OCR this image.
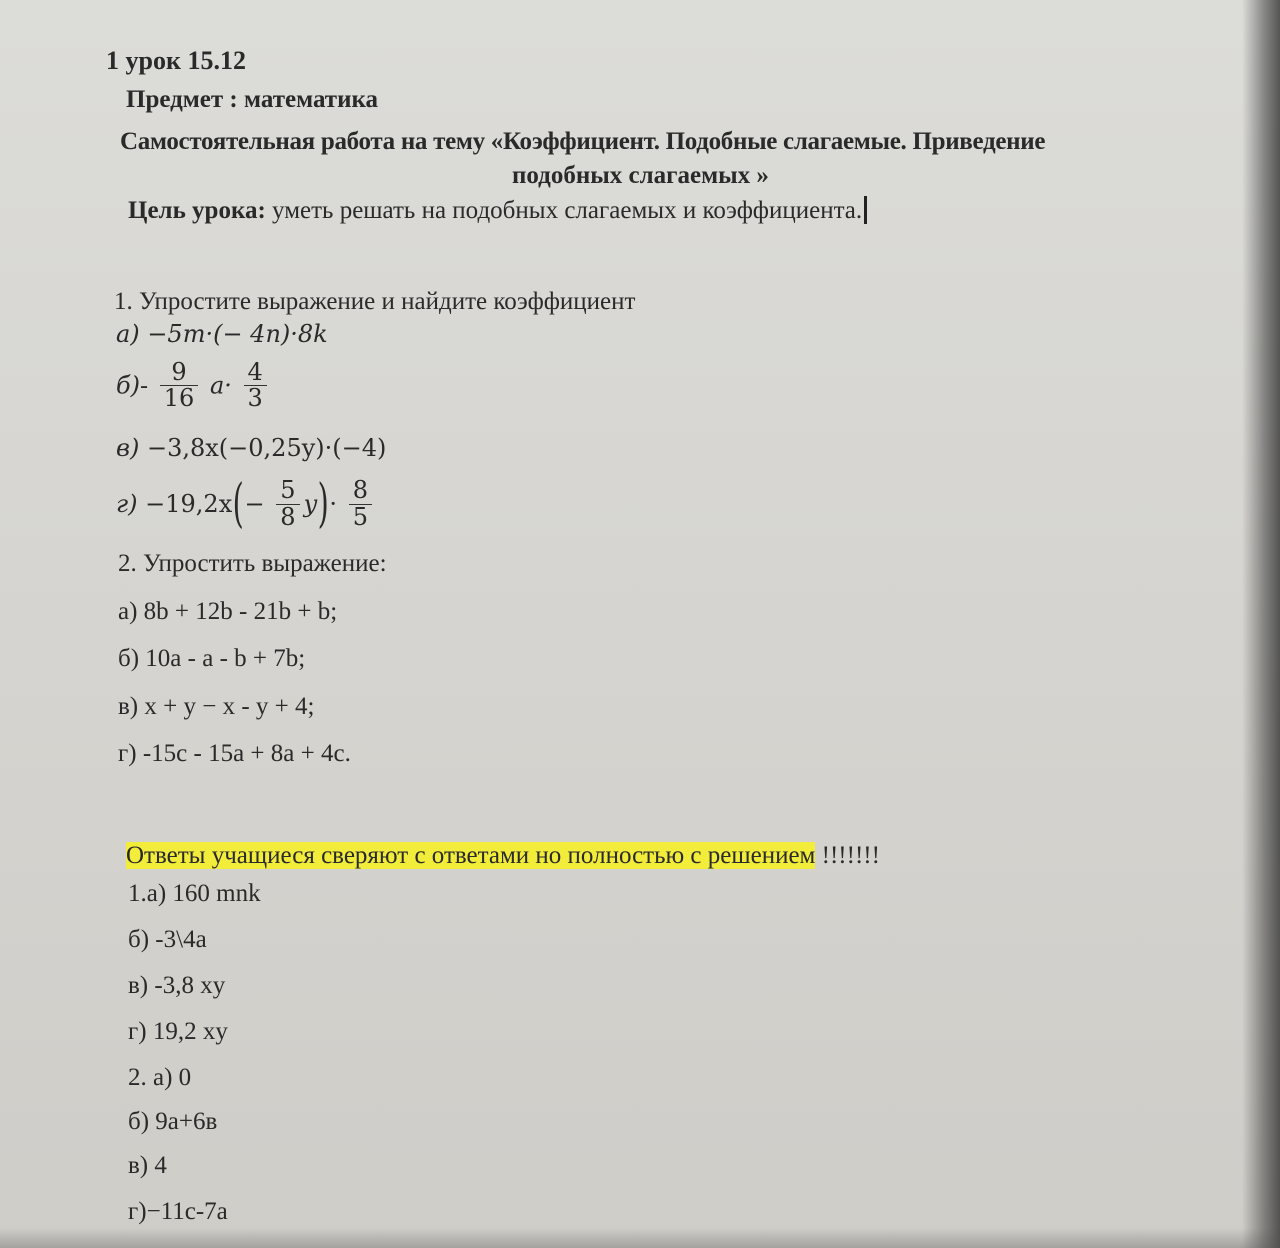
1 урок 15.12
Предмет : математика
Самостоятельная работа на тему «Коэффициент. Подобные слагаемые. Приведение
подобных слагаемых »
Цель урока: уметь решать на подобных слагаемых и коэффициента.
1. Упростите выражение и найдите коэффициент
а) −5m·(− 4n)·8k
$б)- \frac{9}{16} a\cdot \frac{4}{3}$
в) −3,8x(−0,25y)·(−4)
$г) -19,2x(- \frac{5}{8} y)\cdot \frac{8}{5}$
2. Упростить выражение:
а) 8b + 12b - 21b + b;
б) 10a - a - b + 7b;
в) x + y − x - y + 4;
г) -15c - 15a + 8a + 4c.
Ответы учащиеся сверяют с ответами но полностью с решением !!!!!!!
1.а) 160 mnk
б) -3\4а
в) -3,8 xy
г) 19,2 xy
2. а) 0
б) 9а+6в
в) 4
г)−11с-7а
